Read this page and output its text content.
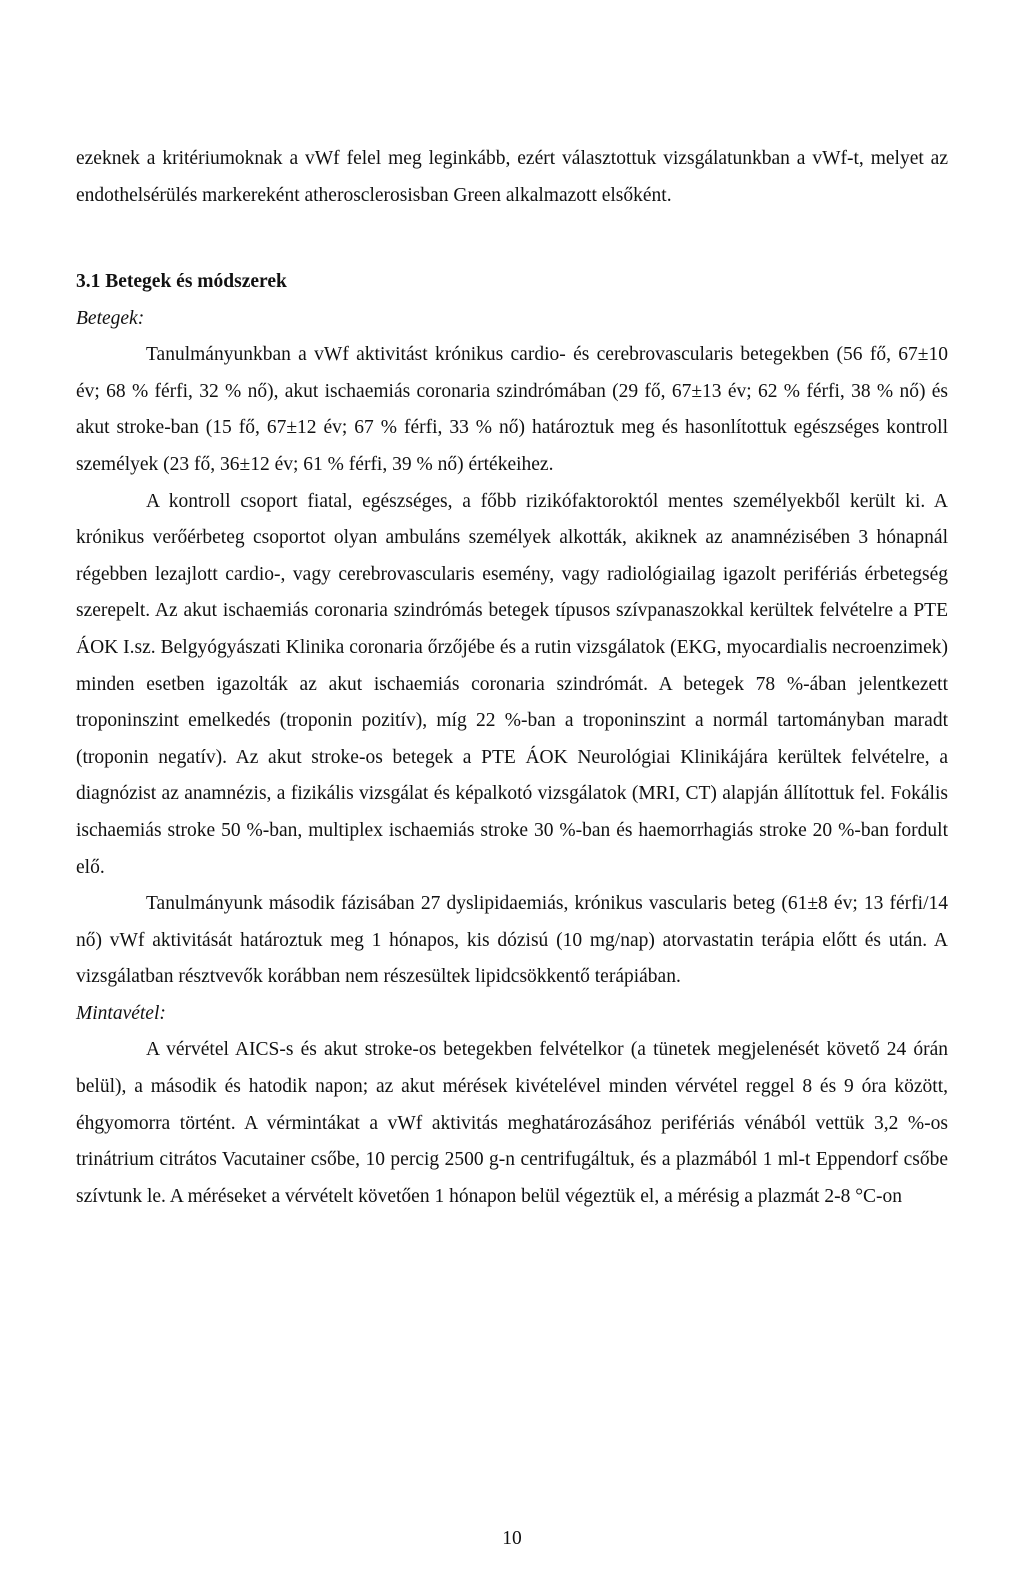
ezeknek a kritériumoknak a vWf felel meg leginkább, ezért választottuk vizsgálatunkban a vWf-t, melyet az endothelsérülés markereként atherosclerosisban Green alkalmazott elsőként.

3.1 Betegek és módszerek

Betegek:

Tanulmányunkban a vWf aktivitást krónikus cardio- és cerebrovascularis betegekben (56 fő, 67±10 év; 68 % férfi, 32 % nő), akut ischaemiás coronaria szindrómában (29 fő, 67±13 év; 62 % férfi, 38 % nő) és akut stroke-ban (15 fő, 67±12 év; 67 % férfi, 33 % nő) határoztuk meg és hasonlítottuk egészséges kontroll személyek (23 fő, 36±12 év; 61 % férfi, 39 % nő) értékeihez.

A kontroll csoport fiatal, egészséges, a főbb rizikófaktoroktól mentes személyekből került ki. A krónikus verőérbeteg csoportot olyan ambuláns személyek alkották, akiknek az anamnézisében 3 hónapnál régebben lezajlott cardio-, vagy cerebrovascularis esemény, vagy radiológiailag igazolt perifériás érbetegség szerepelt. Az akut ischaemiás coronaria szindrómás betegek típusos szívpanaszokkal kerültek felvételre a PTE ÁOK I.sz. Belgyógyászati Klinika coronaria őrzőjébe és a rutin vizsgálatok (EKG, myocardialis necroenzimek) minden esetben igazolták az akut ischaemiás coronaria szindrómát. A betegek 78 %-ában jelentkezett troponinszint emelkedés (troponin pozitív), míg 22 %-ban a troponinszint a normál tartományban maradt (troponin negatív). Az akut stroke-os betegek a PTE ÁOK Neurológiai Klinikájára kerültek felvételre, a diagnózist az anamnézis, a fizikális vizsgálat és képalkotó vizsgálatok (MRI, CT) alapján állítottuk fel. Fokális ischaemiás stroke 50 %-ban, multiplex ischaemiás stroke 30 %-ban és haemorrhagiás stroke 20 %-ban fordult elő.

Tanulmányunk második fázisában 27 dyslipidaemiás, krónikus vascularis beteg (61±8 év; 13 férfi/14 nő) vWf aktivitását határoztuk meg 1 hónapos, kis dózisú (10 mg/nap) atorvastatin terápia előtt és után. A vizsgálatban résztvevők korábban nem részesültek lipidcsökkentő terápiában.

Mintavétel:

A vérvétel AICS-s és akut stroke-os betegekben felvételkor (a tünetek megjelenését követő 24 órán belül), a második és hatodik napon; az akut mérések kivételével minden vérvétel reggel 8 és 9 óra között, éhgyomorra történt. A vérmintákat a vWf aktivitás meghatározásához perifériás vénából vettük 3,2 %-os trinátrium citrátos Vacutainer csőbe, 10 percig 2500 g-n centrifugáltuk, és a plazmából 1 ml-t Eppendorf csőbe szívtunk le. A méréseket a vérvételt követően 1 hónapon belül végeztük el, a mérésig a plazmát 2-8 °C-on

10
